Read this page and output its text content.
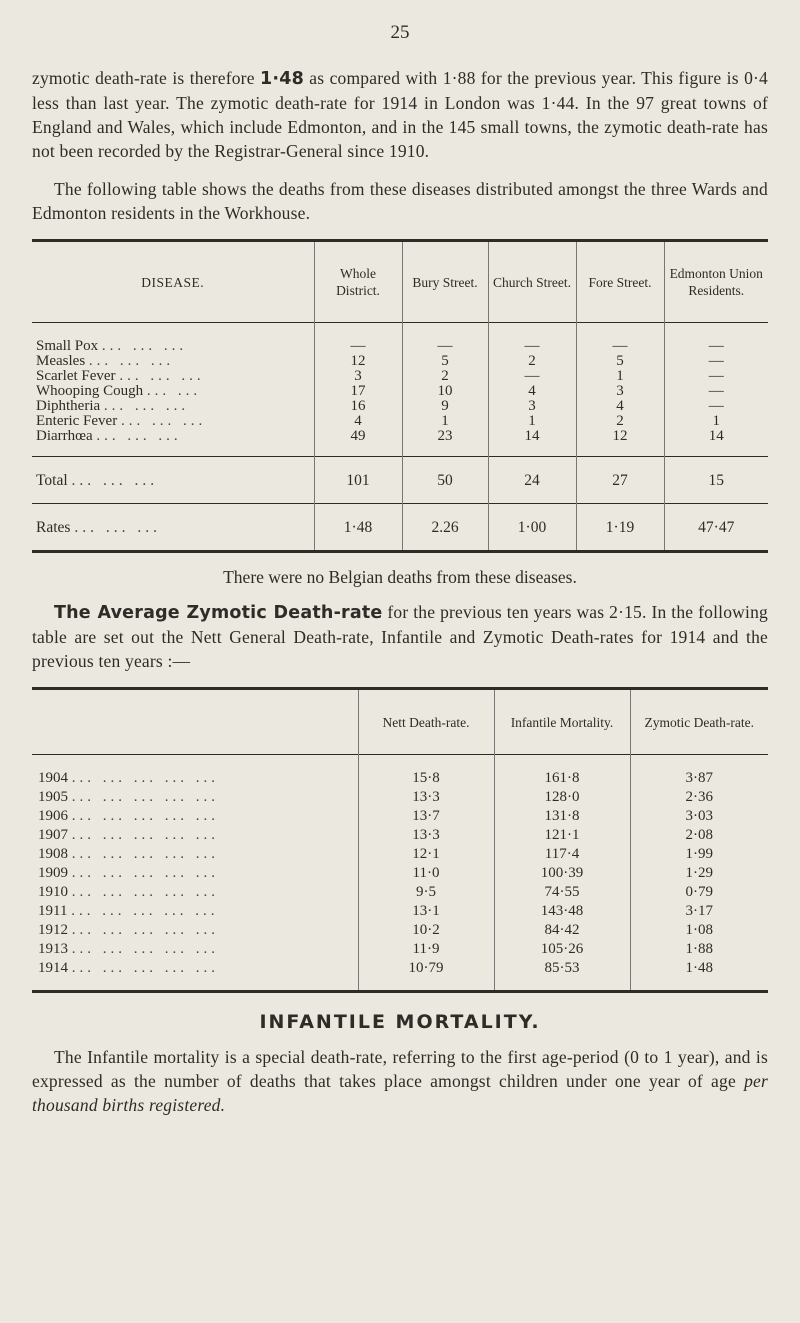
25

zymotic death-rate is therefore 1·48 as compared with 1·88 for the previous year. This figure is 0·4 less than last year. The zymotic death-rate for 1914 in London was 1·44. In the 97 great towns of England and Wales, which include Edmonton, and in the 145 small towns, the zymotic death-rate has not been recorded by the Registrar-General since 1910.

The following table shows the deaths from these diseases distributed amongst the three Wards and Edmonton residents in the Workhouse.

DISEASE.	Whole District.	Bury Street.	Church Street.	Fore Street.	Edmonton Union Residents.

Small Pox ... ... ...	—	—	—	—	—
Measles ... ... ...	12	5	2	5	—
Scarlet Fever ... ... ...	3	2	—	1	—
Whooping Cough ... ...	17	10	4	3	—
Diphtheria ... ... ...	16	9	3	4	—
Enteric Fever ... ... ...	4	1	1	2	1
Diarrhœa ... ... ...	49	23	14	12	14

Total ... ... ...	101	50	24	27	15
Rates ... ... ...	1·48	2.26	1·00	1·19	47·47
There were no Belgian deaths from these diseases.

The Average Zymotic Death-rate for the previous ten years was 2·15. In the following table are set out the Nett General Death-rate, Infantile and Zymotic Death-rates for 1914 and the previous ten years :—

	Nett Death-rate.	Infantile Mortality.	Zymotic Death-rate.

1904 ... ... ... ... ...	15·8	161·8	3·87
1905 ... ... ... ... ...	13·3	128·0	2·36
1906 ... ... ... ... ...	13·7	131·8	3·03
1907 ... ... ... ... ...	13·3	121·1	2·08
1908 ... ... ... ... ...	12·1	117·4	1·99
1909 ... ... ... ... ...	11·0	100·39	1·29
1910 ... ... ... ... ...	9·5	74·55	0·79
1911 ... ... ... ... ...	13·1	143·48	3·17
1912 ... ... ... ... ...	10·2	84·42	1·08
1913 ... ... ... ... ...	11·9	105·26	1·88
1914 ... ... ... ... ...	10·79	85·53	1·48

INFANTILE MORTALITY.

The Infantile mortality is a special death-rate, referring to the first age-period (0 to 1 year), and is expressed as the number of deaths that takes place amongst children under one year of age per thousand births registered.
